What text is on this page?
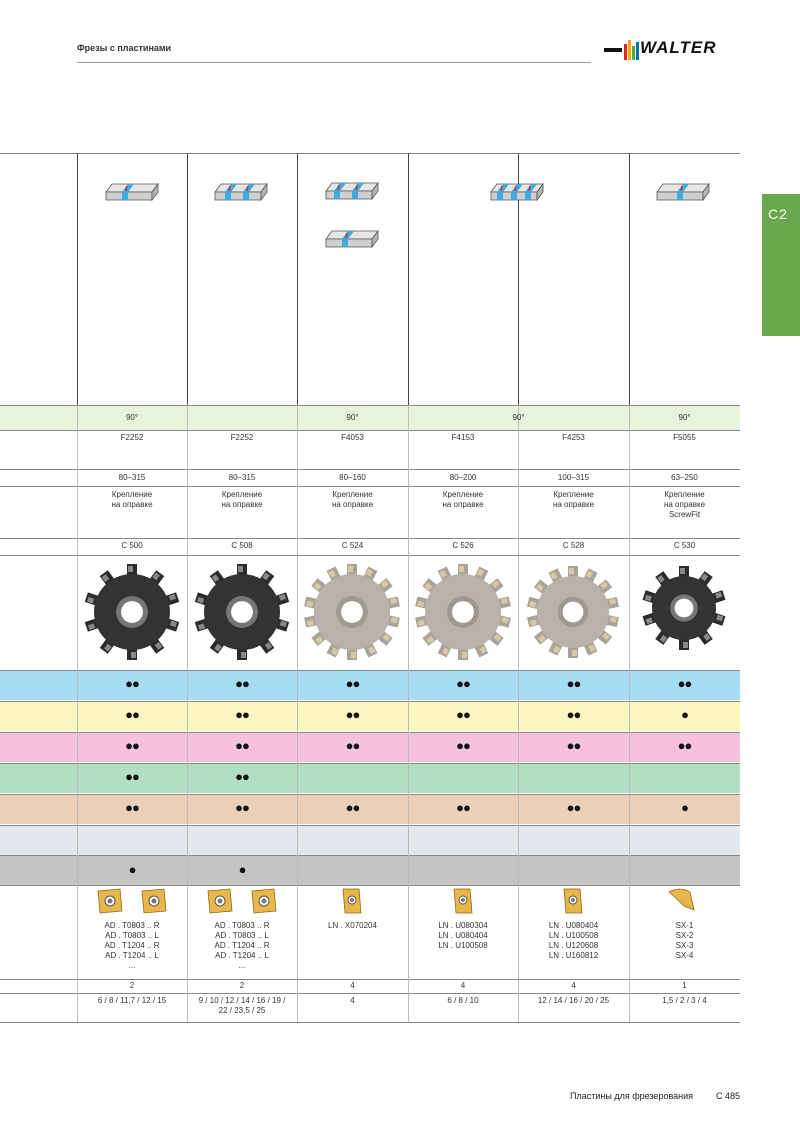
Фрезы с пластинами	WALTER
C2
90°
F2252
80–315
Крепление
на оправке
C 500
●●
●●
●●
●●
●●
●
AD . T0803 .. R
AD . T0803 .. L
AD . T1204 .. R
AD . T1204 .. L
...
2
6 / 8 / 11,7 / 12 / 15
F2252
80–315
Крепление
на оправке
C 508
●●
●●
●●
●●
●●
●
AD . T0803 .. R
AD . T0803 .. L
AD . T1204 .. R
AD . T1204 .. L
...
2
9 / 10 / 12 / 14 / 16 / 19 /
22 / 23,5 / 25
90°
F4053
80–160
Крепление
на оправке
C 524
●●
●●
●●
●●
LN . X070204
4
4
90°
F4153
80–200
Крепление
на оправке
C 526
●●
●●
●●
●●
LN . U080304
LN . U080404
LN . U100508
4
6 / 8 / 10
F4253
100–315
Крепление
на оправке
C 528
●●
●●
●●
●●
LN . U080404
LN . U100508
LN . U120608
LN . U160812
4
12 / 14 / 16 / 20 / 25
90°
F5055
63–250
Крепление
на оправке
ScrewFit
C 530
●●
●
●●
●
SX-1
SX-2
SX-3
SX-4
1
1,5 / 2 / 3 / 4
Пластины для фрезерования	C 485
